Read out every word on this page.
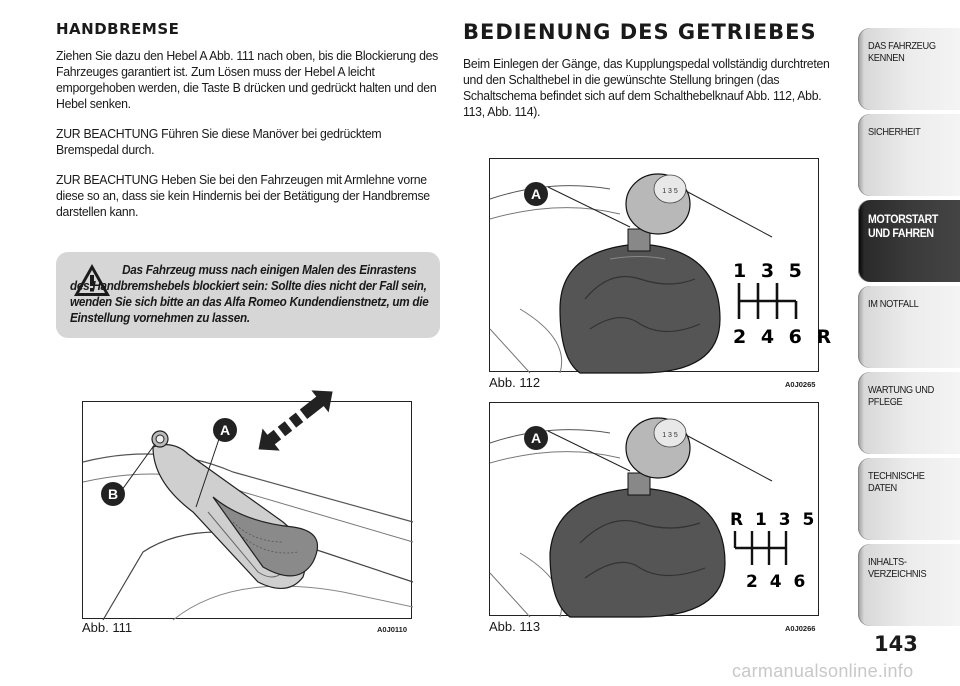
HANDBREMSE

Ziehen Sie dazu den Hebel A Abb. 111 nach oben, bis die Blockierung des Fahrzeuges garantiert ist. Zum Lösen muss der Hebel A leicht emporgehoben werden, die Taste B drücken und gedrückt halten und den Hebel senken.

ZUR BEACHTUNG Führen Sie diese Manöver bei gedrücktem Bremspedal durch.

ZUR BEACHTUNG Heben Sie bei den Fahrzeugen mit Armlehne vorne diese so an, dass sie kein Hindernis bei der Betätigung der Handbremse darstellen kann.

Das Fahrzeug muss nach einigen Malen des Einrastens des Handbremshebels blockiert sein: Sollte dies nicht der Fall sein, wenden Sie sich bitte an das Alfa Romeo Kundendienstnetz, um die Einstellung vornehmen zu lassen.

A
B
Abb. 111	A0J0110
BEDIENUNG DES GETRIEBES

Beim Einlegen der Gänge, das Kupplungspedal vollständig durchtreten und den Schalthebel in die gewünschte Stellung bringen (das Schaltschema befindet sich auf dem Schalthebelknauf Abb. 112, Abb. 113, Abb. 114).

1 3 5
A
1 3 5
2 4 6 R
Abb. 112	A0J0265
1 3 5
A
R 1 3 5
2 4 6
Abb. 113	A0J0266
DAS FAHRZEUG
KENNEN
SICHERHEIT
MOTORSTART
UND FAHREN
IM NOTFALL
WARTUNG UND
PFLEGE
TECHNISCHE DATEN
INHALTS-
VERZEICHNIS
143
carmanualsonline.info
